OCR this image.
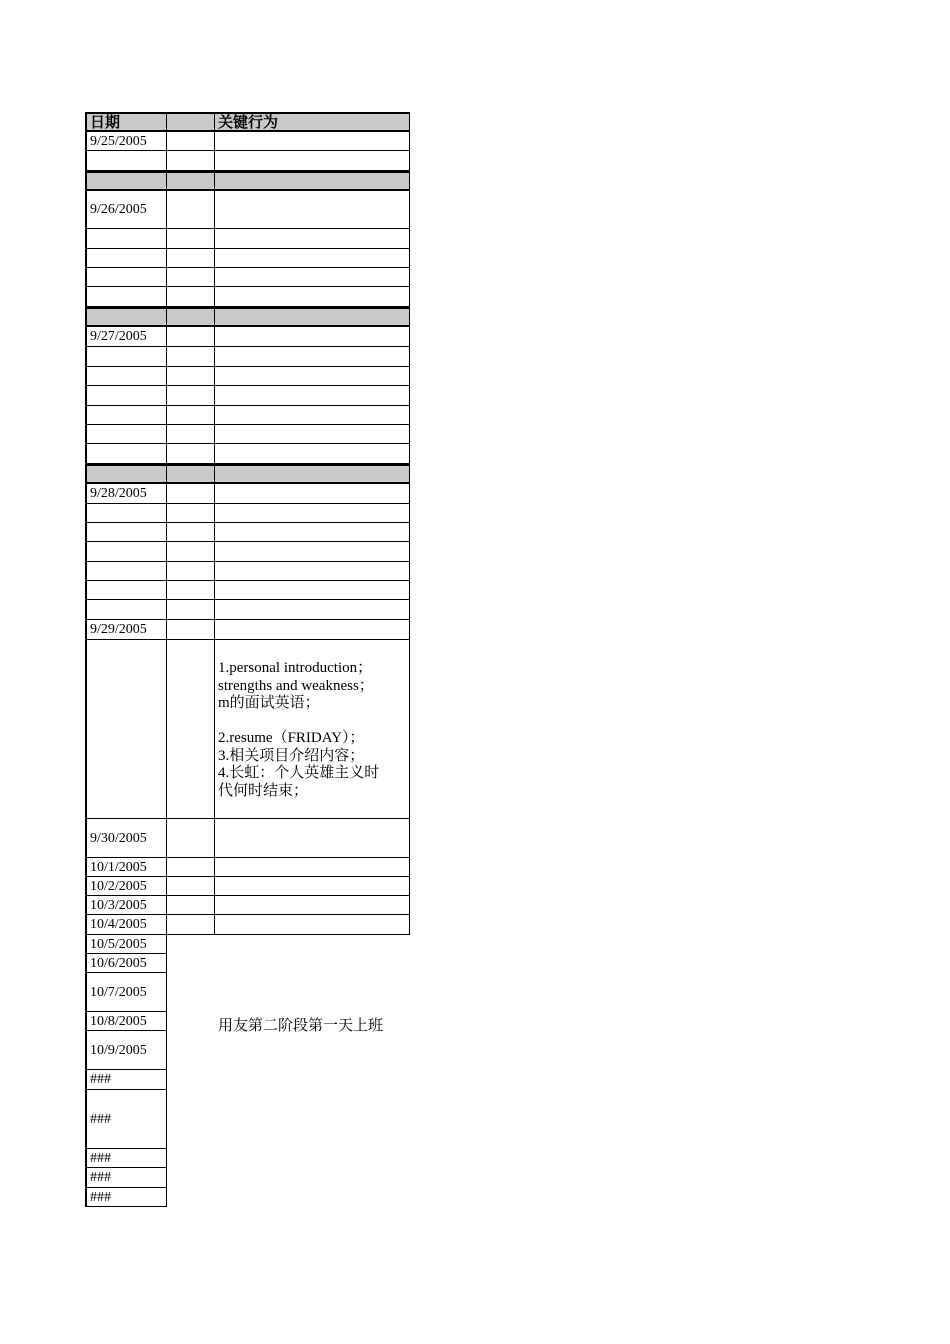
日期	关键行为
9/25/2005
9/26/2005
9/27/2005
9/28/2005
9/29/2005
1.personal introduction；
strengths and weakness；
m的面试英语；

2.resume（FRIDAY）；
3.相关项目介绍内容；
4.长虹：个人英雄主义时
代何时结束；
9/30/2005
10/1/2005
10/2/2005
10/3/2005
10/4/2005
10/5/2005
10/6/2005
10/7/2005
10/8/2005
10/9/2005
###
###
###
###
###
用友第二阶段第一天上班
